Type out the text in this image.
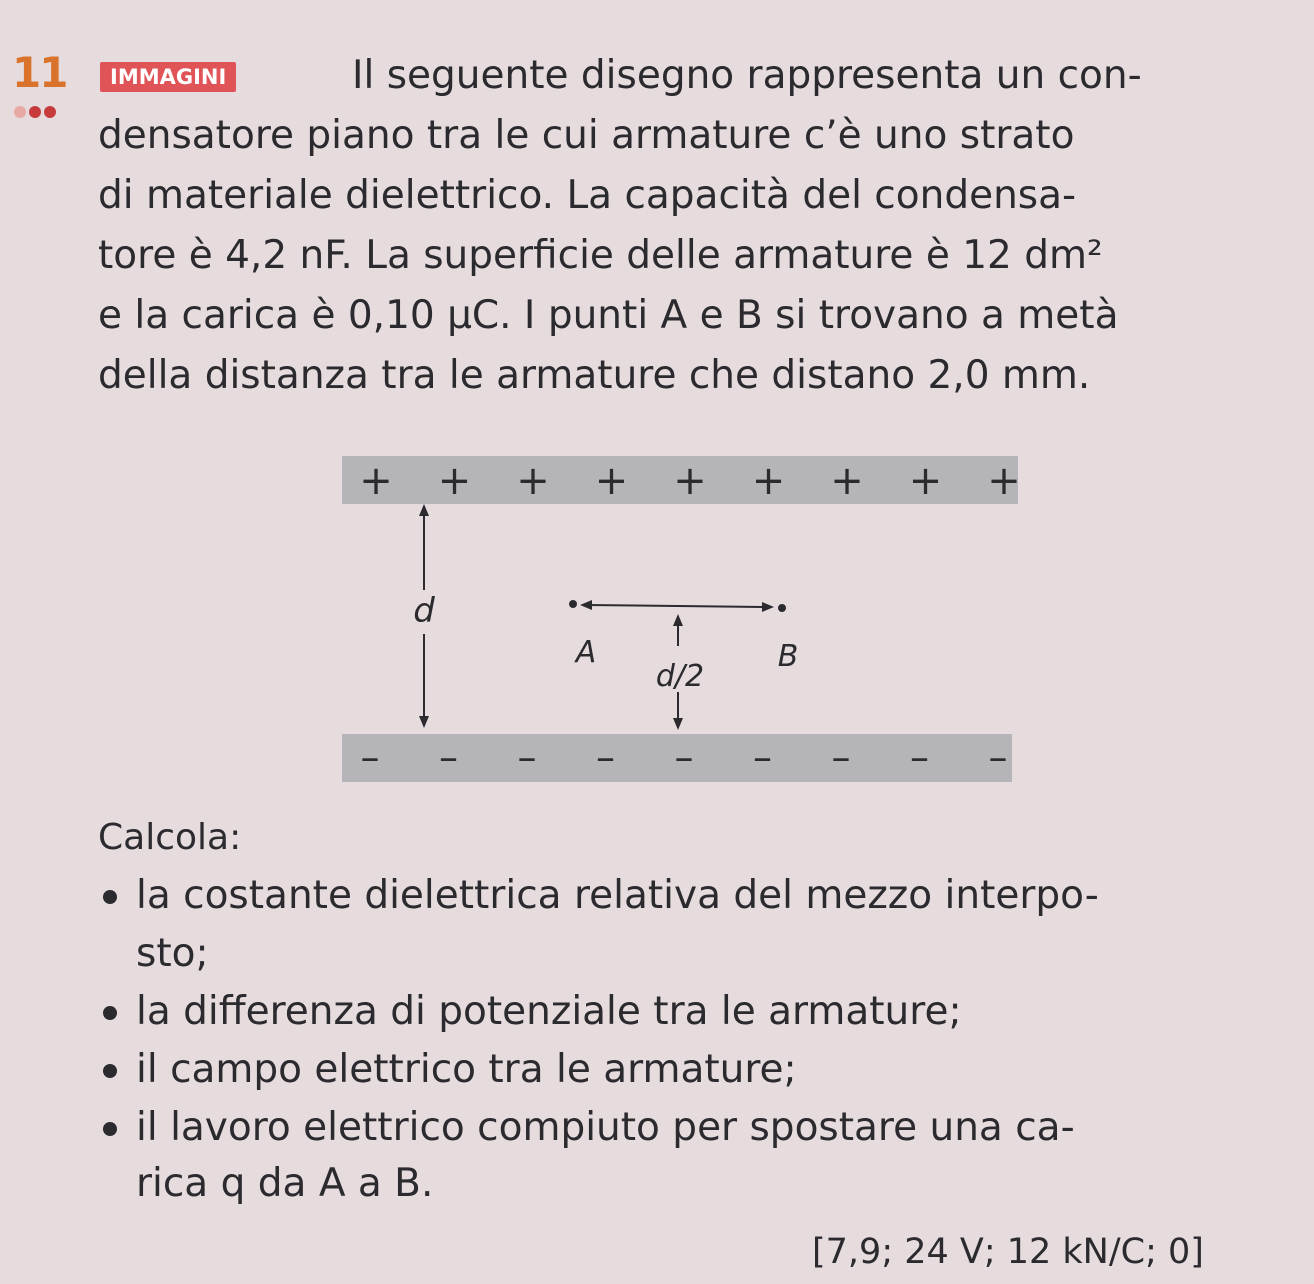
11	IMMAGINI	Il seguente disegno rappresenta un con-
densatore piano tra le cui armature c’è uno strato
di materiale dielettrico. La capacità del condensa-
tore è 4,2 nF. La superficie delle armature è 12 dm²
e la carica è 0,10 µC. I punti A e B si trovano a metà
della distanza tra le armature che distano 2,0 mm.
+ + + + + + + + +
– – – – – – – – –
d
A	B
d/2
Calcola:
la costante dielettrica relativa del mezzo interpo-
sto;
la differenza di potenziale tra le armature;
il campo elettrico tra le armature;
il lavoro elettrico compiuto per spostare una ca-
rica q da A a B.
[7,9; 24 V; 12 kN/C; 0]
